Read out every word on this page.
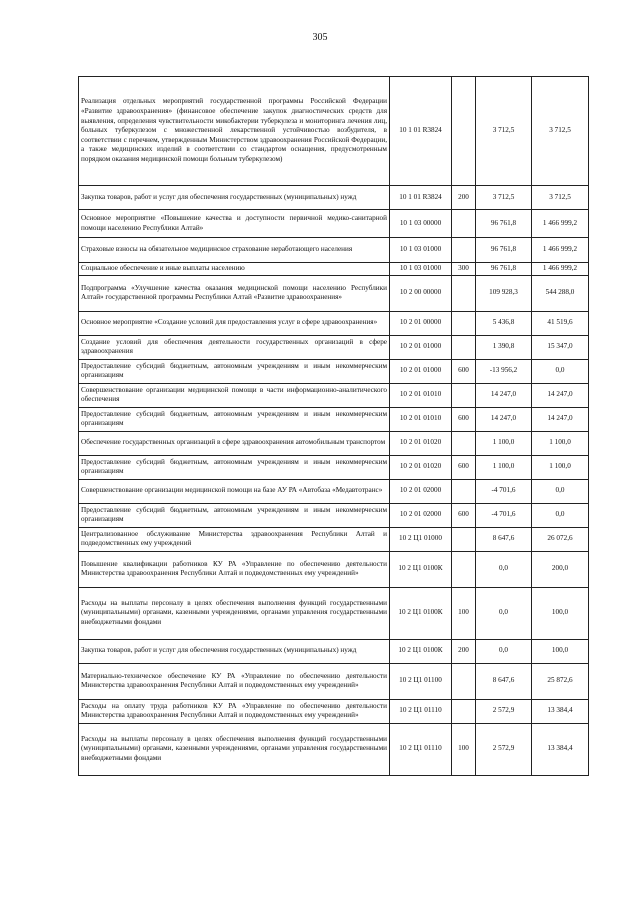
305
Реализация отдельных мероприятий государственной программы Российской Федерации «Развитие здравоохранения» (финансовое обеспечение закупок диагностических средств для выявления, определения чувствительности микобактерии туберкулеза и мониторинга лечения лиц, больных туберкулезом с множественной лекарственной устойчивостью возбудителя, в соответствии с перечнем, утвержденным Министерством здравоохранения Российской Федерации, а также медицинских изделий в соответствии со стандартом оснащения, предусмотренным порядком оказания медицинской помощи больным туберкулезом)	10 1 01 R3824		3 712,5	3 712,5
Закупка товаров, работ и услуг для обеспечения государственных (муниципальных) нужд	10 1 01 R3824	200	3 712,5	3 712,5
Основное мероприятие «Повышение качества и доступности первичной медико-санитарной помощи населению Республики Алтай»	10 1 03 00000		96 761,8	1 466 999,2
Страховые взносы на обязательное медицинское страхование неработающего населения	10 1 03 01000		96 761,8	1 466 999,2
Социальное обеспечение и иные выплаты населению	10 1 03 01000	300	96 761,8	1 466 999,2
Подпрограмма «Улучшение качества оказания медицинской помощи населению Республики Алтай» государственной программы Республики Алтай «Развитие здравоохранения»	10 2 00 00000		109 928,3	544 288,0
Основное мероприятие «Создание условий для предоставления услуг в сфере здравоохранения»	10 2 01 00000		5 436,8	41 519,6
Создание условий для обеспечения деятельности государственных организаций в сфере здравоохранения	10 2 01 01000		1 390,8	15 347,0
Предоставление субсидий бюджетным, автономным учреждениям и иным некоммерческим организациям	10 2 01 01000	600	-13 956,2	0,0
Совершенствование организации медицинской помощи в части информационно-аналитического обеспечения	10 2 01 01010		14 247,0	14 247,0
Предоставление субсидий бюджетным, автономным учреждениям и иным некоммерческим организациям	10 2 01 01010	600	14 247,0	14 247,0
Обеспечение государственных организаций в сфере здравоохранения автомобильным транспортом	10 2 01 01020		1 100,0	1 100,0
Предоставление субсидий бюджетным, автономным учреждениям и иным некоммерческим организациям	10 2 01 01020	600	1 100,0	1 100,0
Совершенствование организации медицинской помощи на базе АУ РА «Автобаза «Медавтотранс»	10 2 01 02000		-4 701,6	0,0
Предоставление субсидий бюджетным, автономным учреждениям и иным некоммерческим организациям	10 2 01 02000	600	-4 701,6	0,0
Централизованное обслуживание Министерства здравоохранения Республики Алтай и подведомственных ему учреждений	10 2 Ц1 01000		8 647,6	26 072,6
Повышение квалификации работников КУ РА «Управление по обеспечению деятельности Министерства здравоохранения Республики Алтай и подведомственных ему учреждений»	10 2 Ц1 0100К		0,0	200,0
Расходы на выплаты персоналу в целях обеспечения выполнения функций государственными (муниципальными) органами, казенными учреждениями, органами управления государственными внебюджетными фондами	10 2 Ц1 0100К	100	0,0	100,0
Закупка товаров, работ и услуг для обеспечения государственных (муниципальных) нужд	10 2 Ц1 0100К	200	0,0	100,0
Материально-техническое обеспечение КУ РА «Управление по обеспечению деятельности Министерства здравоохранения Республики Алтай и подведомственных ему учреждений»	10 2 Ц1 01100		8 647,6	25 872,6
Расходы на оплату труда работников КУ РА «Управление по обеспечению деятельности Министерства здравоохранения Республики Алтай и подведомственных ему учреждений»	10 2 Ц1 01110		2 572,9	13 384,4
Расходы на выплаты персоналу в целях обеспечения выполнения функций государственными (муниципальными) органами, казенными учреждениями, органами управления государственными внебюджетными фондами	10 2 Ц1 01110	100	2 572,9	13 384,4
